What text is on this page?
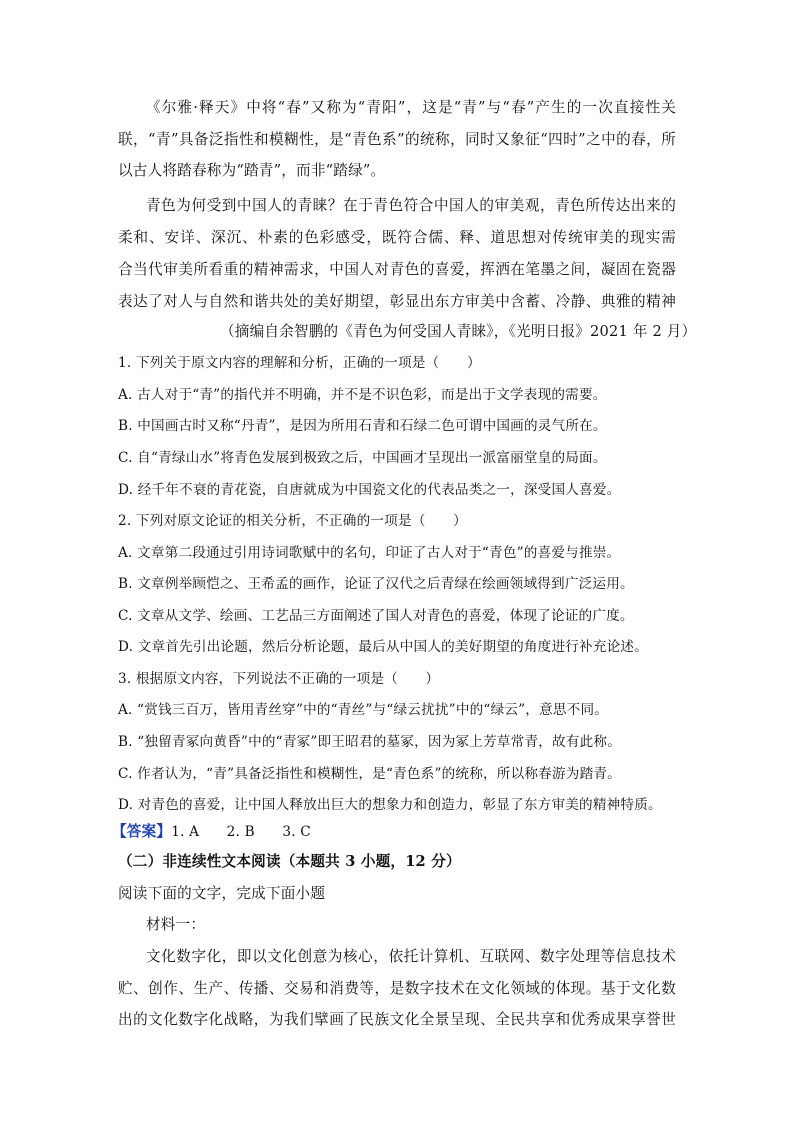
《尔雅·释天》中将“春”又称为“青阳”，这是“青”与“春”产生的一次直接性关
联，“青”具备泛指性和模糊性，是“青色系”的统称，同时又象征“四时”之中的春，所
以古人将踏春称为“踏青”，而非“踏绿”。
青色为何受到中国人的青睐？在于青色符合中国人的审美观，青色所传达出来的
柔和、安详、深沉、朴素的色彩感受，既符合儒、释、道思想对传统审美的现实需
合当代审美所看重的精神需求，中国人对青色的喜爱，挥洒在笔墨之间，凝固在瓷器
表达了对人与自然和谐共处的美好期望，彰显出东方审美中含蓄、冷静、典雅的精神
（摘编自余智鹏的《青色为何受国人青睐》，《光明日报》2021 年 2 月）
1. 下列关于原文内容的理解和分析，正确的一项是（　　）
A. 古人对于“青”的指代并不明确，并不是不识色彩，而是出于文学表现的需要。
B. 中国画古时又称“丹青”，是因为所用石青和石绿二色可谓中国画的灵气所在。
C. 自“青绿山水”将青色发展到极致之后，中国画才呈现出一派富丽堂皇的局面。
D. 经千年不衰的青花瓷，自唐就成为中国瓷文化的代表品类之一，深受国人喜爱。
2. 下列对原文论证的相关分析，不正确的一项是（　　）
A. 文章第二段通过引用诗词歌赋中的名句，印证了古人对于“青色”的喜爱与推崇。
B. 文章例举顾恺之、王希孟的画作，论证了汉代之后青绿在绘画领域得到广泛运用。
C. 文章从文学、绘画、工艺品三方面阐述了国人对青色的喜爱，体现了论证的广度。
D. 文章首先引出论题，然后分析论题，最后从中国人的美好期望的角度进行补充论述。
3. 根据原文内容，下列说法不正确的一项是（　　）
A. “赏钱三百万，皆用青丝穿”中的“青丝”与“绿云扰扰”中的“绿云”，意思不同。
B. “独留青冢向黄昏”中的“青冢”即王昭君的墓冢，因为冢上芳草常青，故有此称。
C. 作者认为，“青”具备泛指性和模糊性，是“青色系”的统称，所以称春游为踏青。
D. 对青色的喜爱，让中国人释放出巨大的想象力和创造力，彰显了东方审美的精神特质。
【答案】1. A　　2. B　　3. C
（二）非连续性文本阅读（本题共 3 小题，12 分）
阅读下面的文字，完成下面小题
材料一：
文化数字化，即以文化创意为核心，依托计算机、互联网、数字处理等信息技术
贮、创作、生产、传播、交易和消费等，是数字技术在文化领域的体现。基于文化数
出的文化数字化战略，为我们擘画了民族文化全景呈现、全民共享和优秀成果享誉世
